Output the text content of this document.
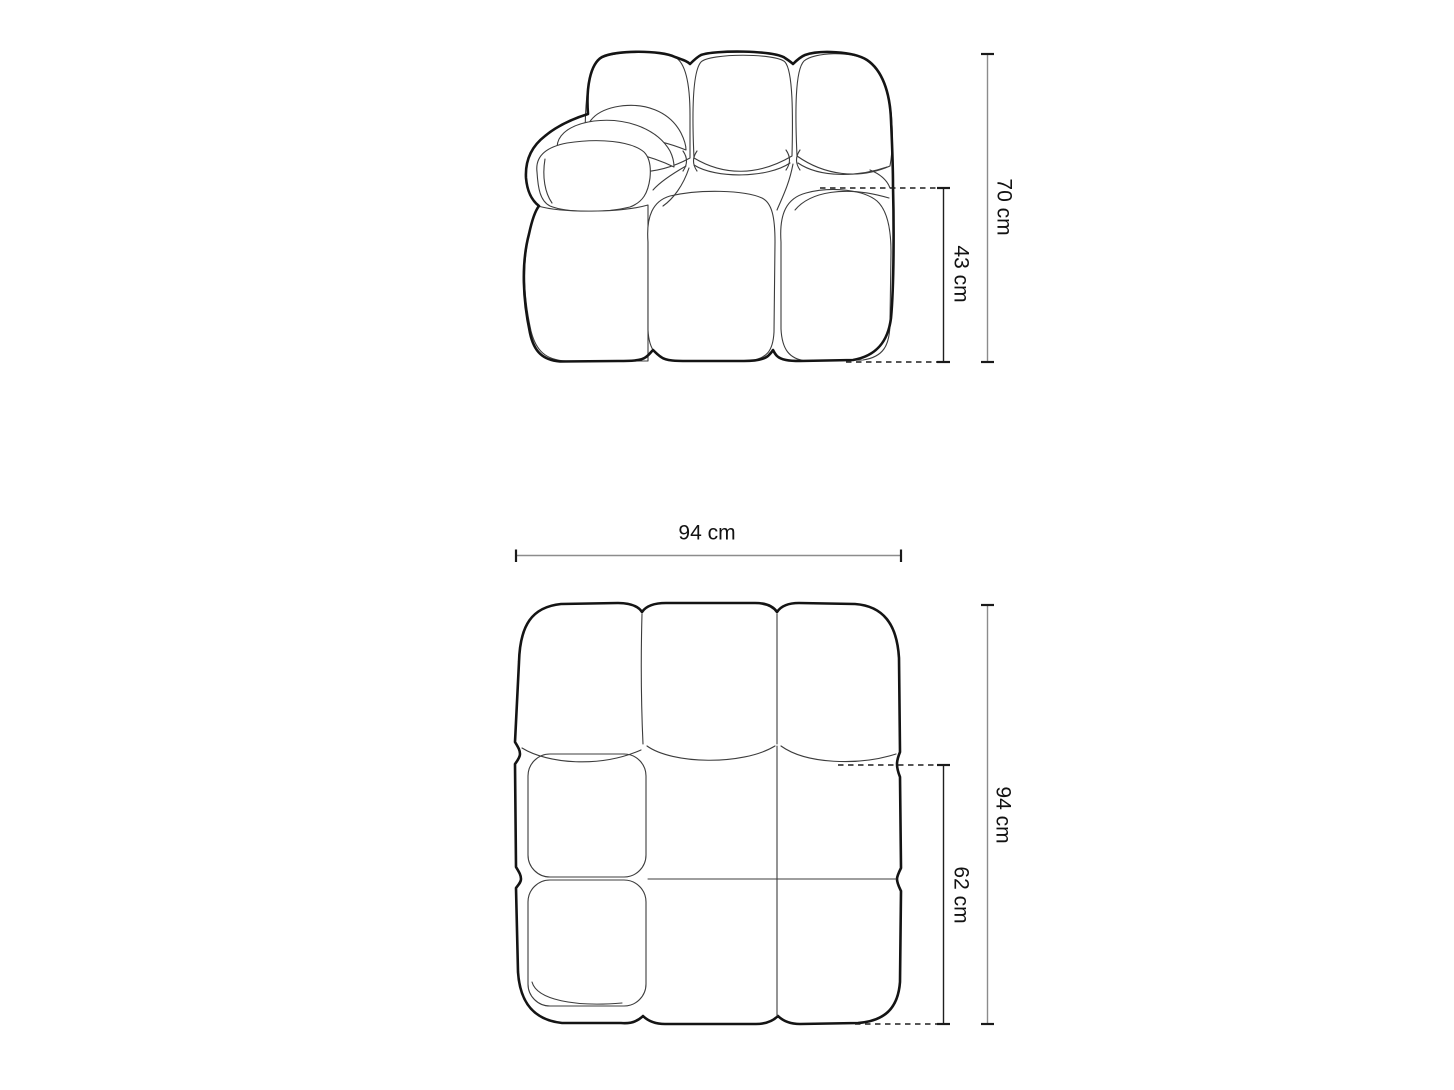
70 cm
43 cm
94 cm
94 cm
62 cm
